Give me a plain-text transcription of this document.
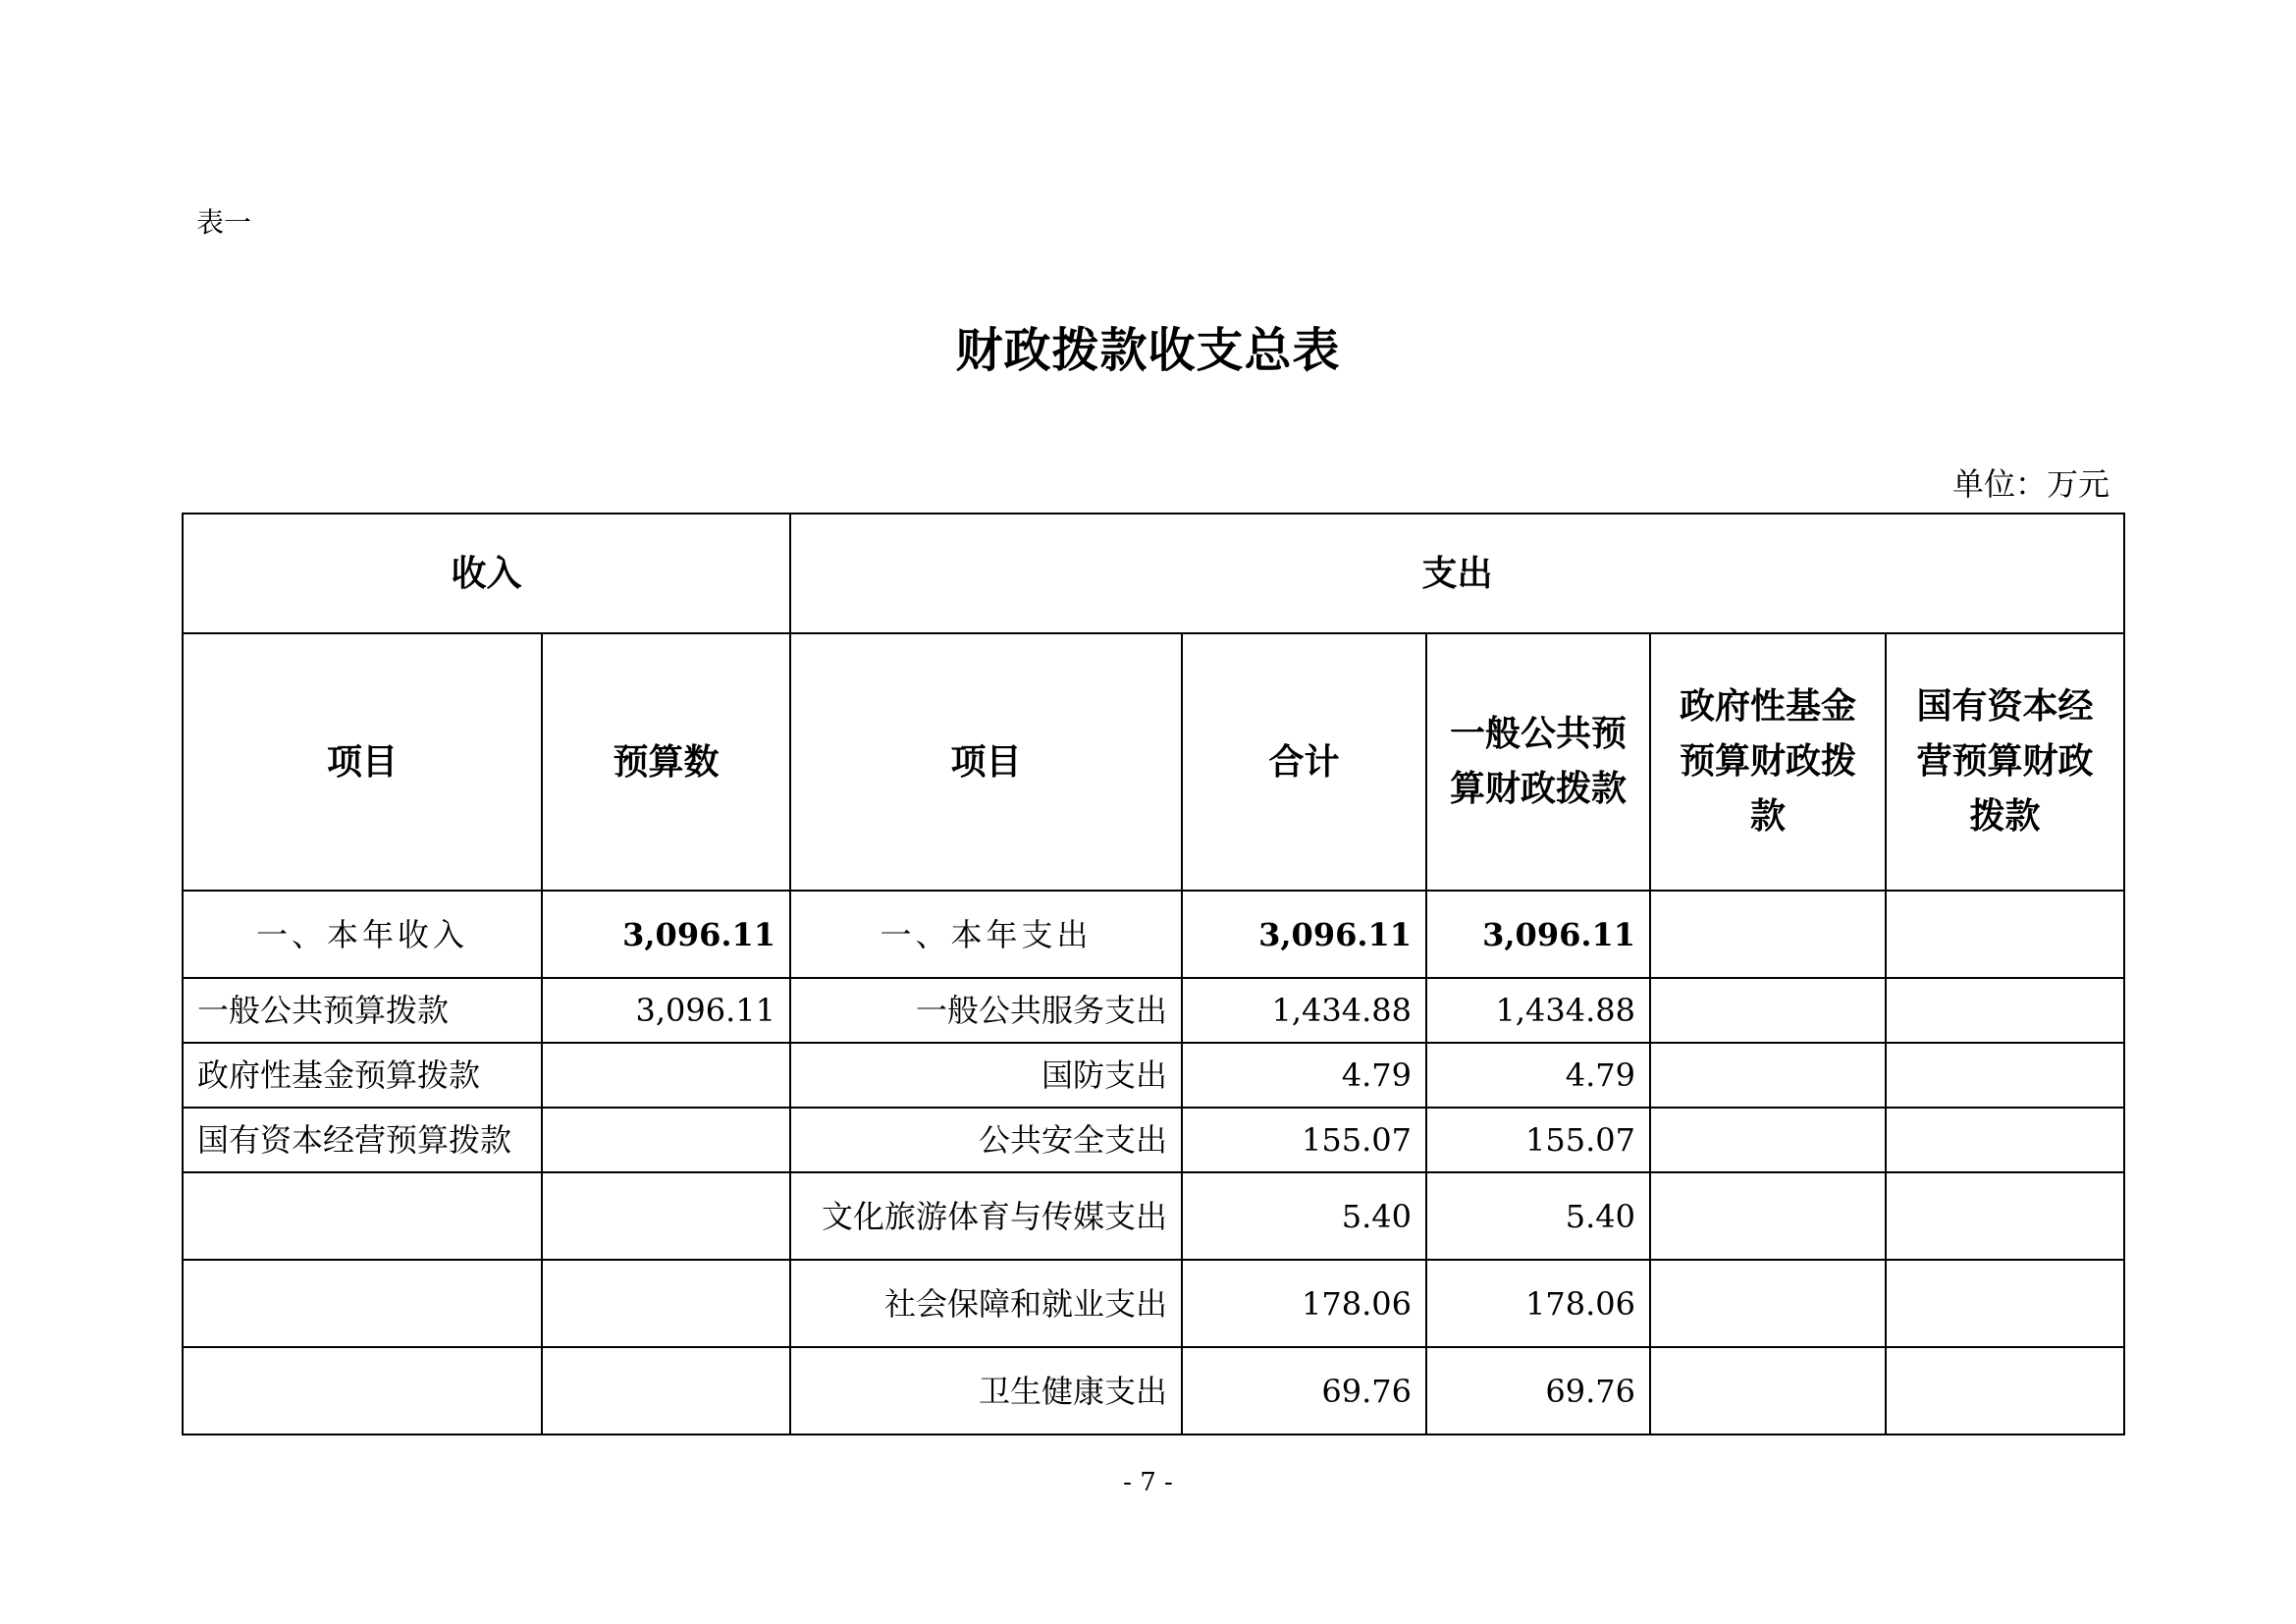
表一
财政拨款收支总表
单位：万元
收入		支出				
项目	预算数	项目	合计	一般公共预算财政拨款	政府性基金预算财政拨款	国有资本经营预算财政拨款
一、本年收入	3,096.11	一、本年支出	3,096.11	3,096.11		
一般公共预算拨款	3,096.11	一般公共服务支出	1,434.88	1,434.88		
政府性基金预算拨款		国防支出	4.79	4.79		
国有资本经营预算拨款		公共安全支出	155.07	155.07		
		文化旅游体育与传媒支出	5.40	5.40		
		社会保障和就业支出	178.06	178.06		
		卫生健康支出	69.76	69.76		
- 7 -
